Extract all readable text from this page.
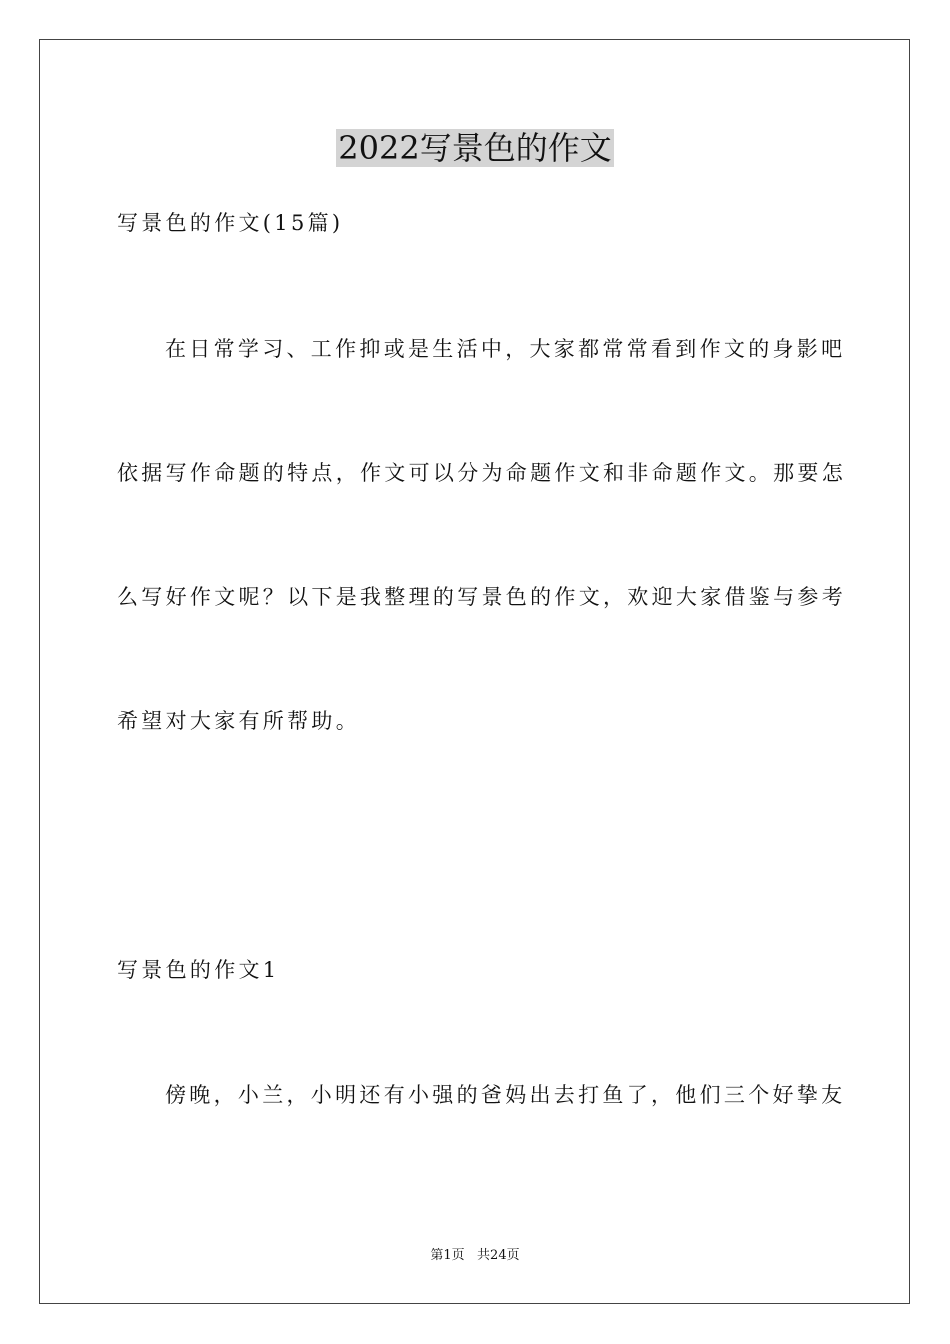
2022写景色的作文
写景色的作文(15篇)
在日常学习、工作抑或是生活中，大家都常常看到作文的身影吧
依据写作命题的特点，作文可以分为命题作文和非命题作文。那要怎
么写好作文呢？以下是我整理的写景色的作文，欢迎大家借鉴与参考
希望对大家有所帮助。
写景色的作文1
傍晚，小兰，小明还有小强的爸妈出去打鱼了，他们三个好挚友
第1页   共24页
